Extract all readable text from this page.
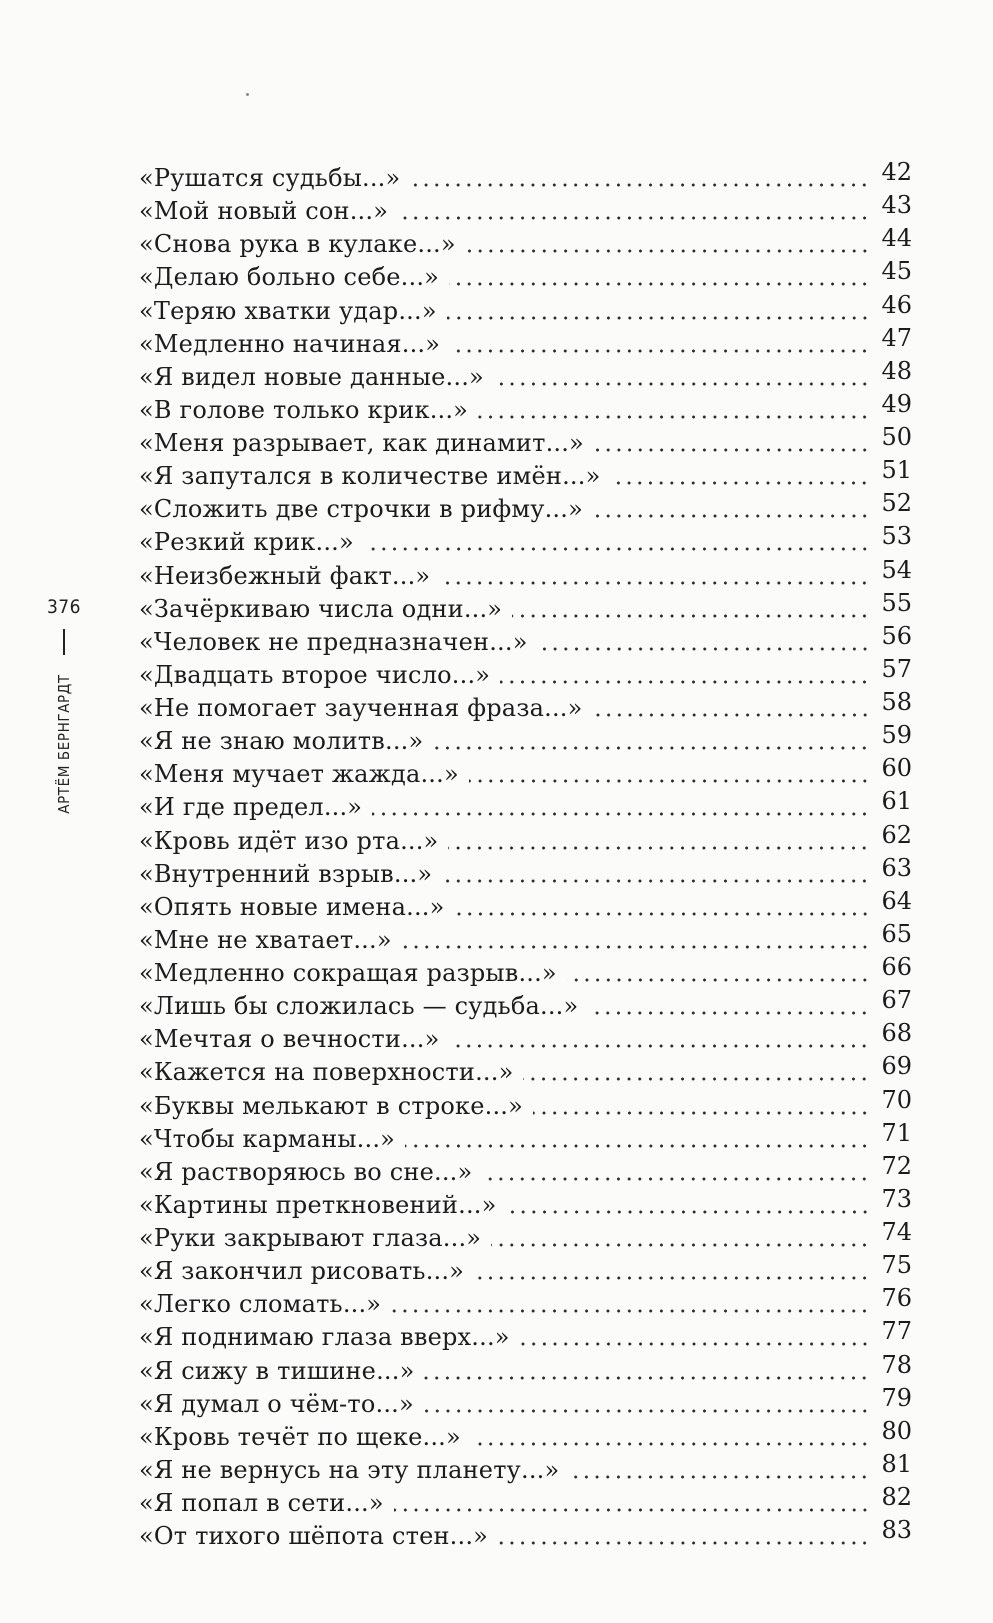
376
АРТЁМ БЕРНГАРДТ
«Рушатся судьбы...»	42
«Мой новый сон...»	43
«Снова рука в кулаке...»	44
«Делаю больно себе...»	45
«Теряю хватки удар...»	46
«Медленно начиная...»	47
«Я видел новые данные...»	48
«В голове только крик...»	49
«Меня разрывает, как динамит...»	50
«Я запутался в количестве имён...»	51
«Сложить две строчки в рифму...»	52
«Резкий крик...»	53
«Неизбежный факт...»	54
«Зачёркиваю числа одни...»	55
«Человек не предназначен...»	56
«Двадцать второе число...»	57
«Не помогает заученная фраза...»	58
«Я не знаю молитв...»	59
«Меня мучает жажда...»	60
«И где предел...»	61
«Кровь идёт изо рта...»	62
«Внутренний взрыв...»	63
«Опять новые имена...»	64
«Мне не хватает...»	65
«Медленно сокращая разрыв...»	66
«Лишь бы сложилась — судьба...»	67
«Мечтая о вечности...»	68
«Кажется на поверхности...»	69
«Буквы мелькают в строке...»	70
«Чтобы карманы...»	71
«Я растворяюсь во сне...»	72
«Картины преткновений...»	73
«Руки закрывают глаза...»	74
«Я закончил рисовать...»	75
«Легко сломать...»	76
«Я поднимаю глаза вверх...»	77
«Я сижу в тишине...»	78
«Я думал о чём-то...»	79
«Кровь течёт по щеке...»	80
«Я не вернусь на эту планету...»	81
«Я попал в сети...»	82
«От тихого шёпота стен...»	83
